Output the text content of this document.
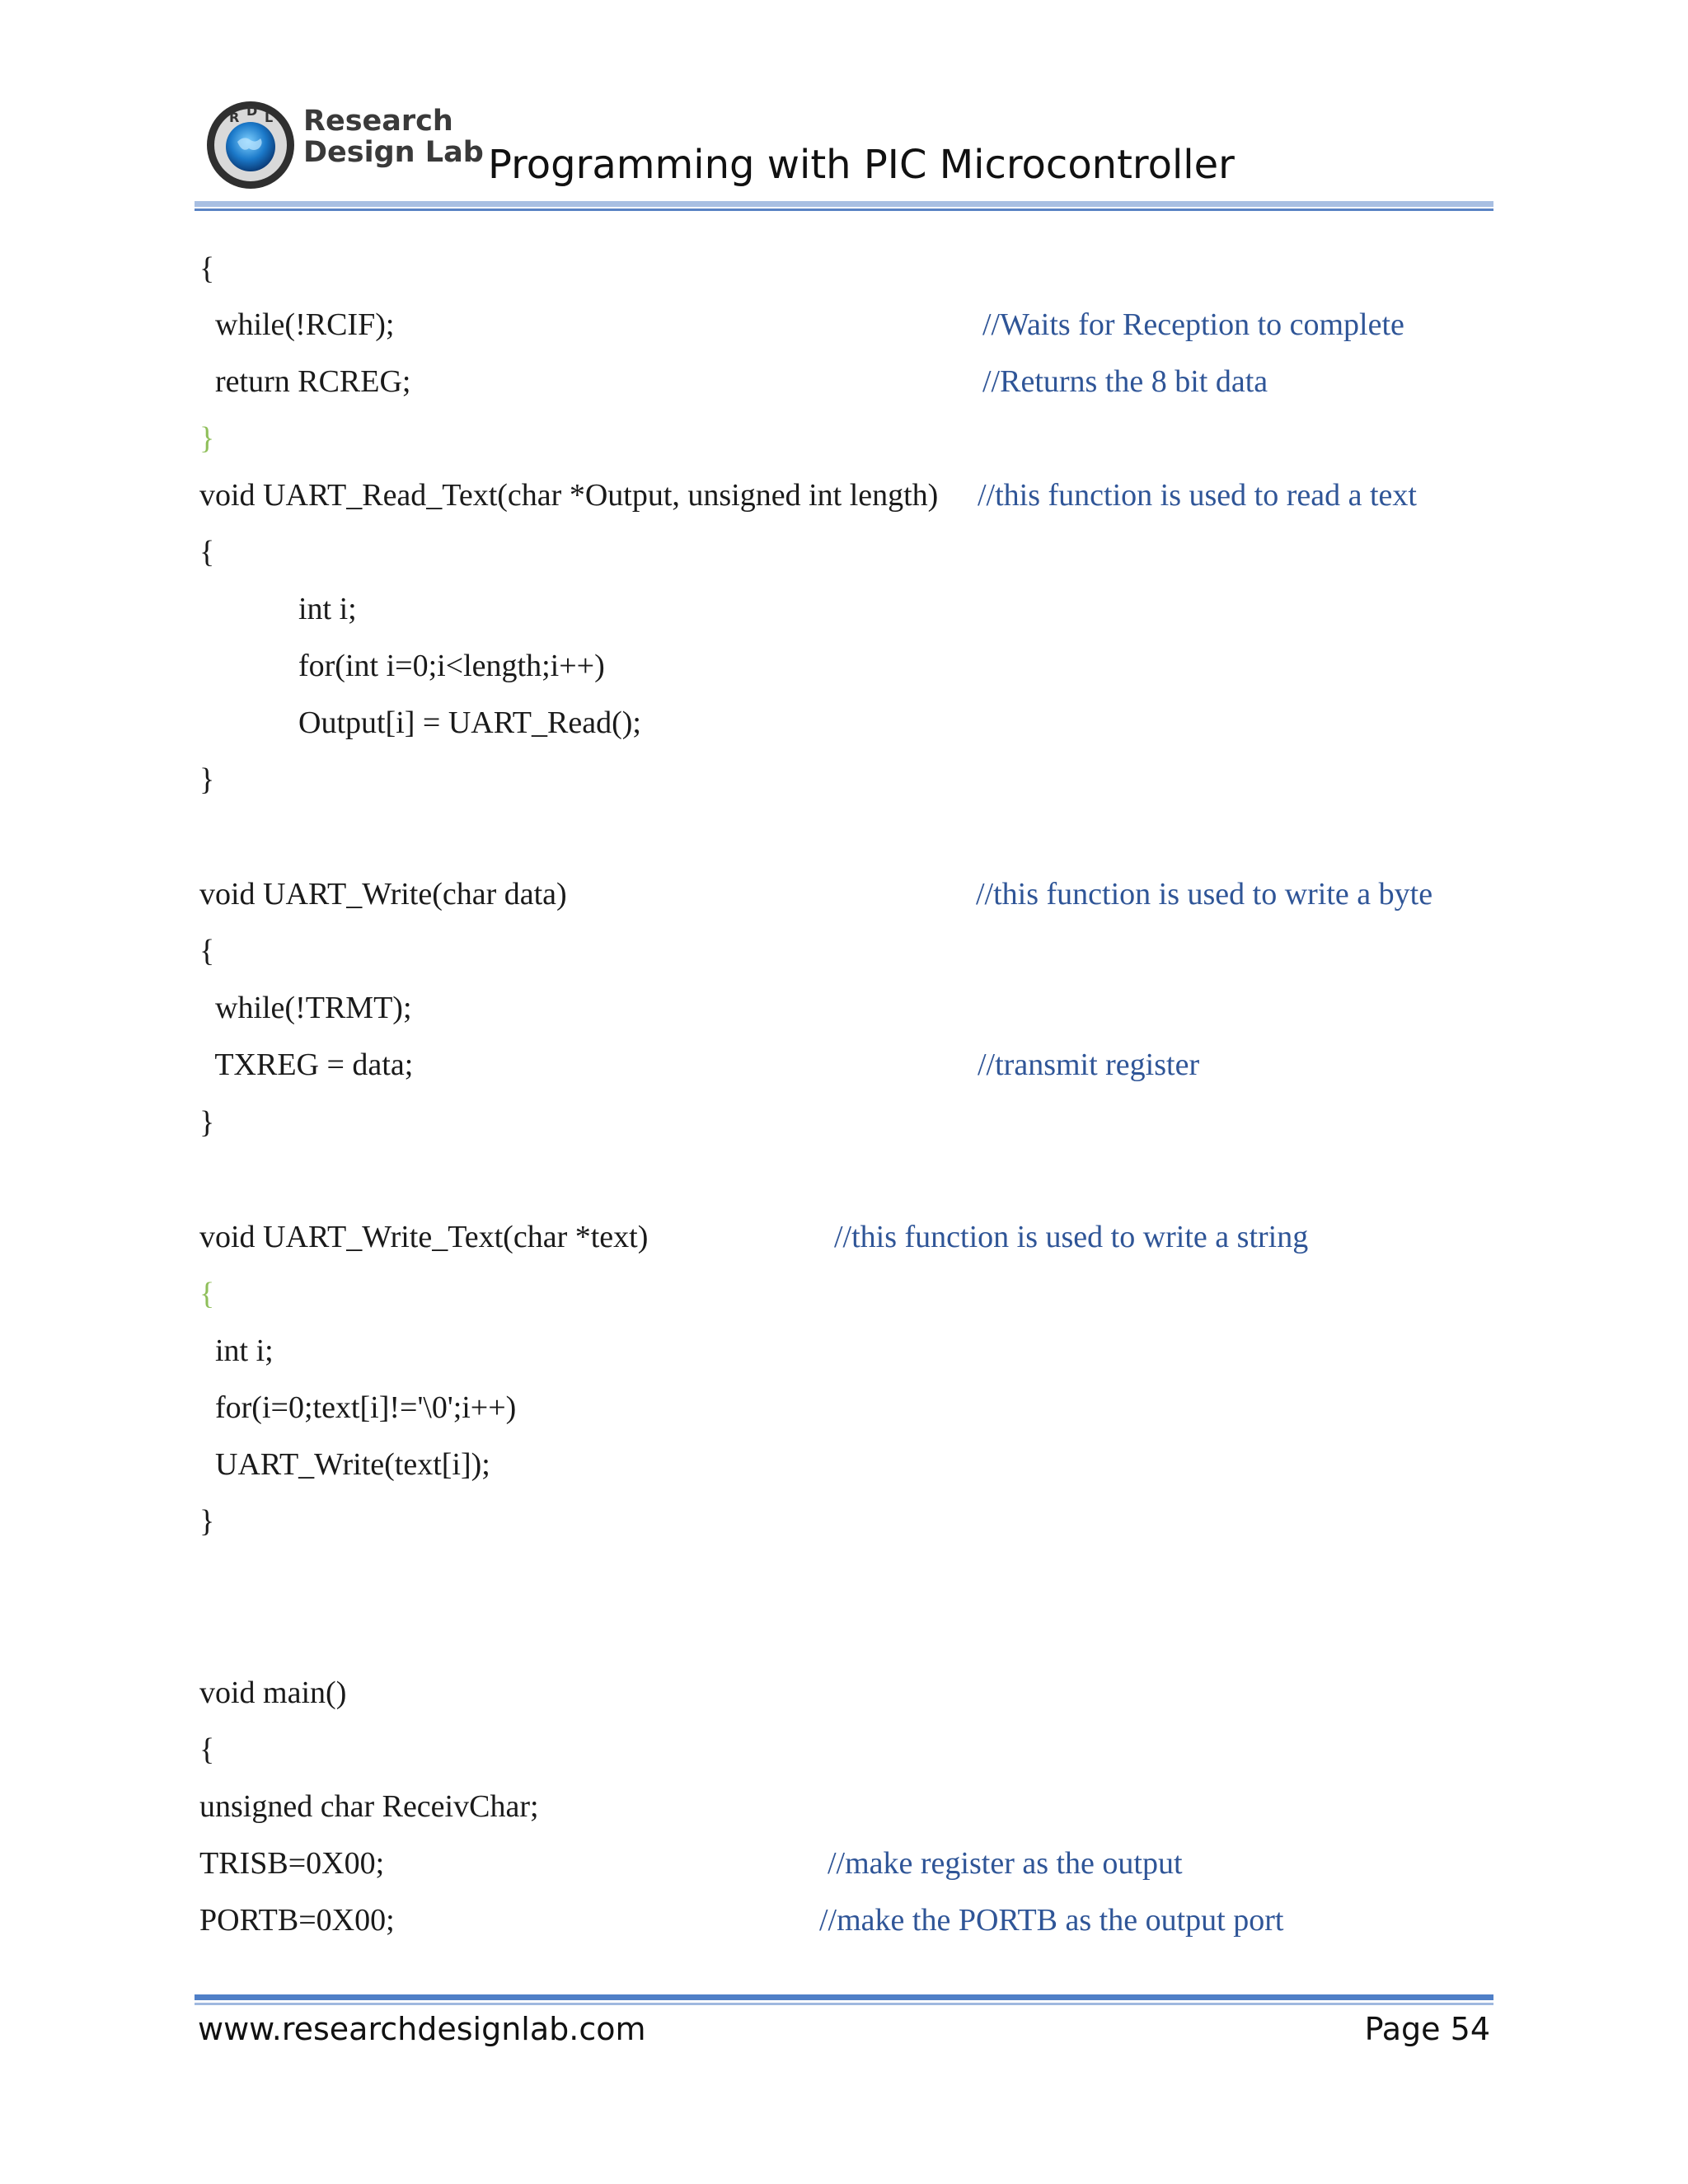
R D L Research
Design Lab Programming with PIC Microcontroller
{
while(!RCIF);	//Waits for Reception to complete
return RCREG;	//Returns the 8 bit data
}
void UART_Read_Text(char *Output, unsigned int length) //this function is used to read a text
{
int i;
for(int i=0;i<length;i++)
Output[i] = UART_Read();
}
void UART_Write(char data)	//this function is used to write a byte
{
while(!TRMT);
TXREG = data;	//transmit register
}
void UART_Write_Text(char *text)	//this function is used to write a string
{
int i;
for(i=0;text[i]!='\0';i++)
UART_Write(text[i]);
}
void main()
{
unsigned char ReceivChar;
TRISB=0X00;	//make register as the output
PORTB=0X00;	//make the PORTB as the output port
www.researchdesignlab.com	Page 54
